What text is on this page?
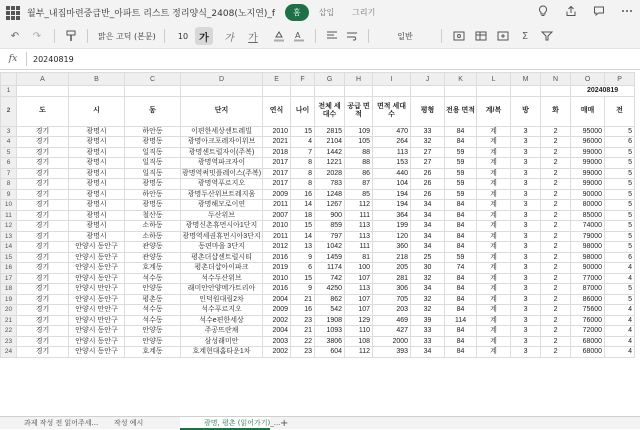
월부_내집마련중급반_아파트 리스트 정리양식_2408(노지연)_f	홈	삽입	그리기
↶	↷	맑은 고딕 (본문)	10	가	가	가	A	일반	Σ
fx	20240819
	A	B	C	D	E	F	G	H	I	J	K	L	M	N	O	P
1															20240819	
2	도	시	동	단지	연식	나이	전체 세대수	공급 면적	면적 세대수	평형	전용 면적	계/복	방	화	매매	전
3	경기	광명시	하안동	이편한세상센트레빌	2010	15	2815	109	470	33	84	계	3	2	95000	5
4	경기	광명시	광명동	광명아크포레자이위브	2021	4	2104	105	264	32	84	계	3	2	96000	6
5	경기	광명시	일직동	광명센트럴자이(주복)	2018	7	1442	88	113	27	59	계	3	2	99000	5
6	경기	광명시	일직동	광명역파크자이	2017	8	1221	88	153	27	59	계	3	2	99000	5
7	경기	광명시	일직동	광명역써밋플레이스(주복)	2017	8	2028	86	440	26	59	계	3	2	99000	5
8	경기	광명시	광명동	광명역푸르지오	2017	8	783	87	104	26	59	계	3	2	99000	5
9	경기	광명시	하안동	광명두산위브트레지움	2009	16	1248	85	194	26	59	계	3	2	90000	5
10	경기	광명시	광명동	광명해모로이연	2011	14	1267	112	194	34	84	계	3	2	80000	5
11	경기	광명시	철산동	두산위브	2007	18	900	111	364	34	84	계	3	2	85000	5
12	경기	광명시	소하동	광명신촌휴먼시아1단지	2010	15	859	113	199	34	84	계	3	2	74000	5
13	경기	광명시	소하동	광명역세권휴먼시아3단지	2011	14	797	113	120	34	84	계	3	2	79000	5
14	경기	안양시 동안구	관양동	동편마을 3단지	2012	13	1042	111	360	34	84	계	3	2	98000	5
15	경기	안양시 동안구	관양동	평촌더샵센트럴시티	2016	9	1459	81	218	25	59	계	3	2	98000	6
16	경기	안양시 동안구	호계동	평촌더샵아이파크	2019	6	1174	100	205	30	74	계	3	2	90000	4
17	경기	안양시 동안구	석수동	석수두산위브	2010	15	742	107	281	32	84	계	3	2	77000	4
18	경기	안양시 만안구	안양동	래미안안양메가트리아	2016	9	4250	113	306	34	84	계	3	2	87000	5
19	경기	안양시 동안구	평촌동	인덕원대림2차	2004	21	862	107	705	32	84	계	3	2	86000	5
20	경기	안양시 만안구	석수동	석수푸르지오	2009	16	542	107	203	32	84	계	3	2	75600	4
21	경기	안양시 만안구	석수동	석수e편한세상	2002	23	1908	129	469	39	114	계	3	2	76000	4
22	경기	안양시 동안구	안양동	주공뜨란채	2004	21	1093	110	427	33	84	계	3	2	72000	4
23	경기	안양시 동안구	안양동	삼성래미안	2003	22	3806	108	2000	33	84	계	3	2	68000	4
24	경기	안양시 동안구	호계동	호계현대홈타운1차	2002	23	604	112	393	34	84	계	3	2	68000	4
과제 작성 전 읽어주세...	작성 예시	광명, 평촌 (읽어가기)_... +
